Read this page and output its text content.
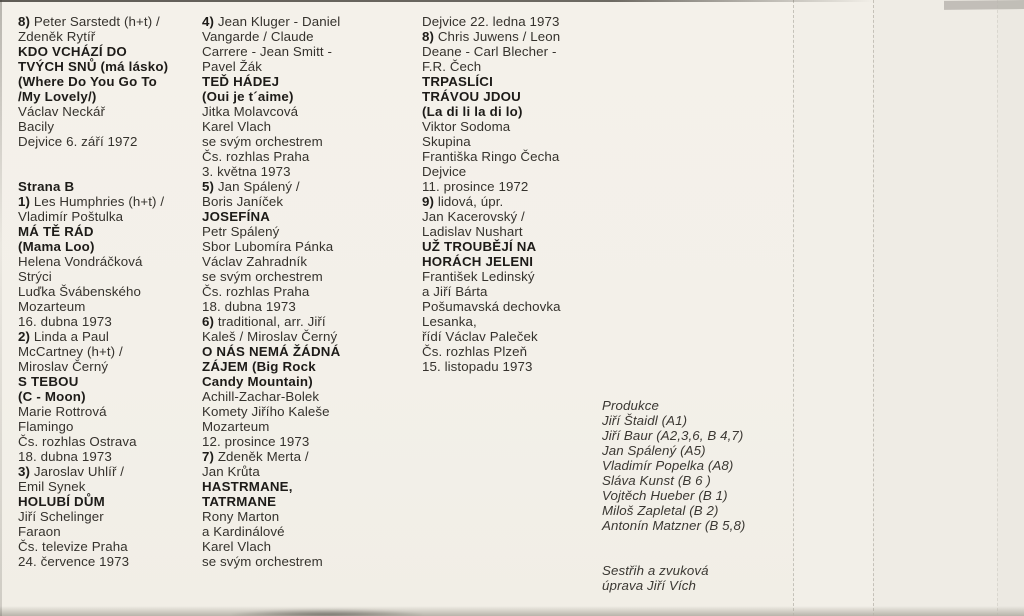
8) Peter Sarstedt (h+t) /
Zdeněk Rytíř
KDO VCHÁZÍ DO
TVÝCH SNŮ (má lásko)
(Where Do You Go To
/My Lovely/)
Václav Neckář
Bacily
Dejvice 6. září 1972

Strana B
1) Les Humphries (h+t) /
Vladimír Poštulka
MÁ TĚ RÁD
(Mama Loo)
Helena Vondráčková
Strýci
Luďka Švábenského
Mozarteum
16. dubna 1973
2) Linda a Paul
McCartney (h+t) /
Miroslav Černý
S TEBOU
(C - Moon)
Marie Rottrová
Flamingo
Čs. rozhlas Ostrava
18. dubna 1973
3) Jaroslav Uhlíř /
Emil Synek
HOLUBÍ DŮM
Jiří Schelinger
Faraon
Čs. televize Praha
24. července 1973
4) Jean Kluger - Daniel
Vangarde / Claude
Carrere - Jean Smitt -
Pavel Žák
TEĎ HÁDEJ
(Oui je t´aime)
Jitka Molavcová
Karel Vlach
se svým orchestrem
Čs. rozhlas Praha
3. května 1973
5) Jan Spálený /
Boris Janíček
JOSEFÍNA
Petr Spálený
Sbor Lubomíra Pánka
Václav Zahradník
se svým orchestrem
Čs. rozhlas Praha
18. dubna 1973
6) traditional, arr. Jiří
Kaleš / Miroslav Černý
O NÁS NEMÁ ŽÁDNÁ
ZÁJEM (Big Rock
Candy Mountain)
Achill-Zachar-Bolek
Komety Jiřího Kaleše
Mozarteum
12. prosince 1973
7) Zdeněk Merta /
Jan Krůta
HASTRMANE,
TATRMANE
Rony Marton
a Kardinálové
Karel Vlach
se svým orchestrem
Dejvice 22. ledna 1973
8) Chris Juwens / Leon
Deane - Carl Blecher -
F.R. Čech
TRPASLÍCI
TRÁVOU JDOU
(La di li la di lo)
Viktor Sodoma
Skupina
Františka Ringo Čecha
Dejvice
11. prosince 1972
9) lidová, úpr.
Jan Kacerovský /
Ladislav Nushart
UŽ TROUBĚJÍ NA
HORÁCH JELENI
František Ledinský
a Jiří Bárta
Pošumavská dechovka
Lesanka,
řídí Václav Paleček
Čs. rozhlas Plzeň
15. listopadu 1973
Produkce
Jiří Štaidl (A1)
Jiří Baur (A2,3,6, B 4,7)
Jan Spálený (A5)
Vladimír Popelka (A8)
Sláva Kunst (B 6 )
Vojtěch Hueber (B 1)
Miloš Zapletal (B 2)
Antonín Matzner (B 5,8)

Sestřih a zvuková
úprava Jiří Vích
